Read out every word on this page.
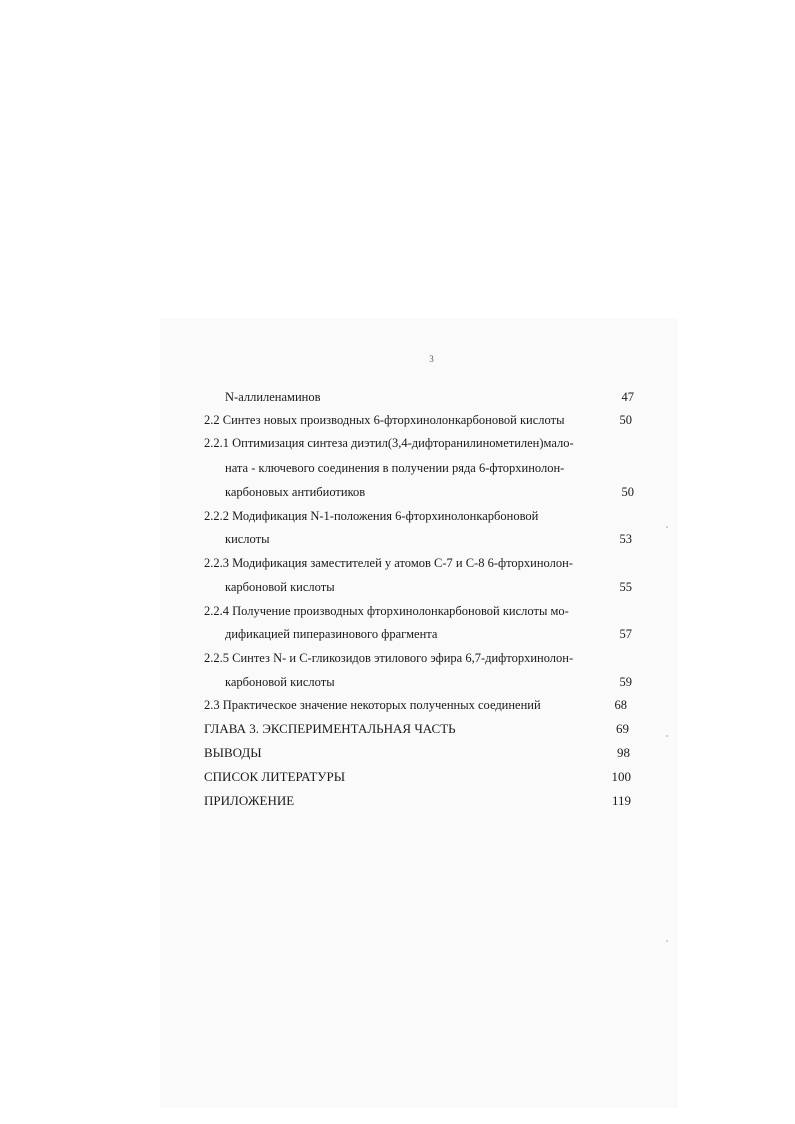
3
N-аллиленаминов	47
2.2 Синтез новых производных 6-фторхинолонкарбоновой кислоты	50
2.2.1 Оптимизация синтеза диэтил(3,4-дифторанилинометилен)мало-
ната - ключевого соединения в получении ряда 6-фторхинолон-
карбоновых антибиотиков	50
2.2.2 Модификация N-1-положения 6-фторхинолонкарбоновой
кислоты	53
2.2.3 Модификация заместителей у атомов С-7 и С-8 6-фторхинолон-
карбоновой кислоты	55
2.2.4 Получение производных фторхинолонкарбоновой кислоты мо-
дификацией пиперазинового фрагмента	57
2.2.5 Синтез N- и С-гликозидов этилового эфира 6,7-дифторхинолон-
карбоновой кислоты	59
2.3 Практическое значение некоторых полученных соединений	68
ГЛАВА 3. ЭКСПЕРИМЕНТАЛЬНАЯ ЧАСТЬ	69
ВЫВОДЫ	98
СПИСОК ЛИТЕРАТУРЫ	100
ПРИЛОЖЕНИЕ	119
